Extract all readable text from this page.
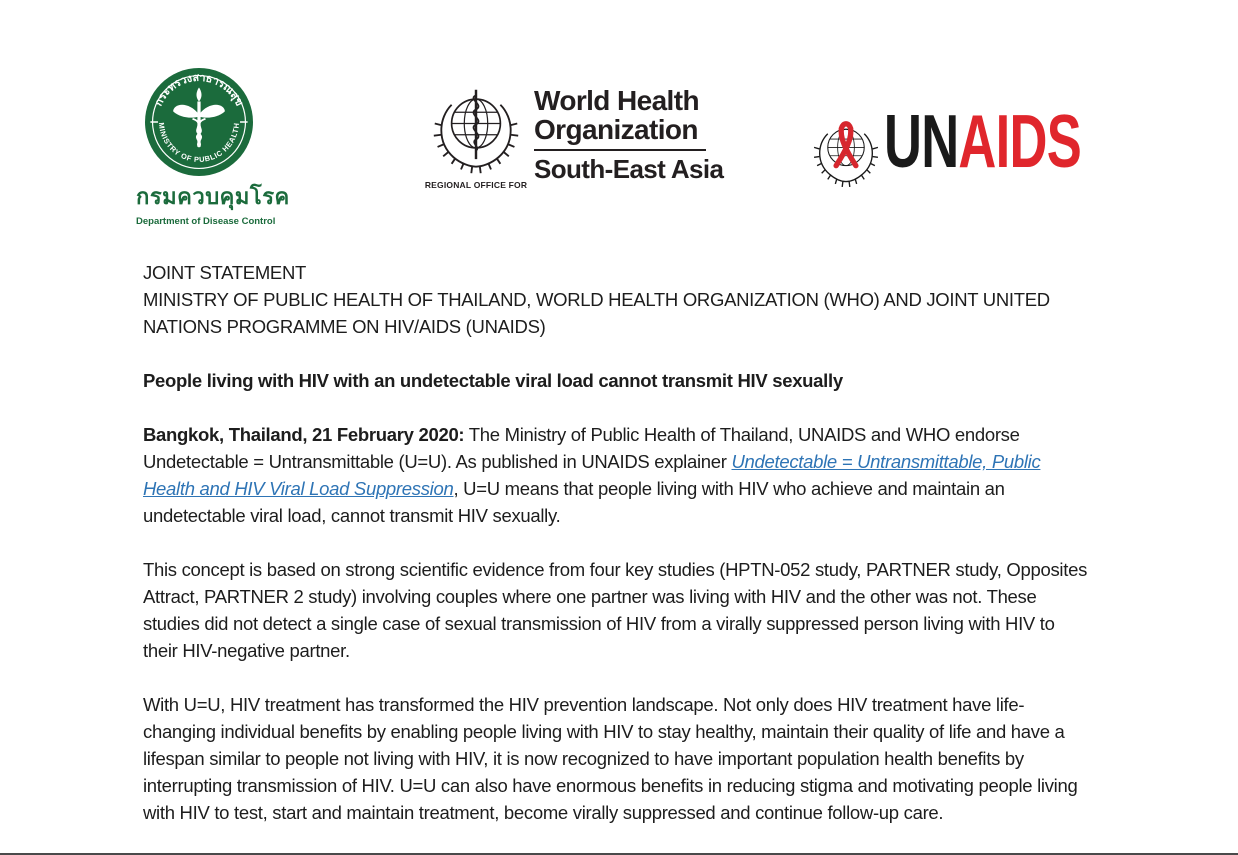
กระทรวงสาธารณสุข
MINISTRY OF PUBLIC HEALTH
กรมควบคุมโรค
Department of Disease Control
REGIONAL OFFICE FOR
World Health
Organization
South-East Asia UNAIDS

JOINT STATEMENT
MINISTRY OF PUBLIC HEALTH OF THAILAND, WORLD HEALTH ORGANIZATION (WHO) AND JOINT UNITED NATIONS PROGRAMME ON HIV/AIDS (UNAIDS)

People living with HIV with an undetectable viral load cannot transmit HIV sexually

Bangkok, Thailand, 21 February 2020: The Ministry of Public Health of Thailand, UNAIDS and WHO endorse Undetectable = Untransmittable (U=U). As published in UNAIDS explainer Undetectable = Untransmittable, Public Health and HIV Viral Load Suppression, U=U means that people living with HIV who achieve and maintain an undetectable viral load, cannot transmit HIV sexually.

This concept is based on strong scientific evidence from four key studies (HPTN-052 study, PARTNER study, Opposites Attract, PARTNER 2 study) involving couples where one partner was living with HIV and the other was not. These studies did not detect a single case of sexual transmission of HIV from a virally suppressed person living with HIV to their HIV-negative partner.

With U=U, HIV treatment has transformed the HIV prevention landscape. Not only does HIV treatment have life-changing individual benefits by enabling people living with HIV to stay healthy, maintain their quality of life and have a lifespan similar to people not living with HIV, it is now recognized to have important population health benefits by interrupting transmission of HIV. U=U can also have enormous benefits in reducing stigma and motivating people living with HIV to test, start and maintain treatment, become virally suppressed and continue follow-up care.
